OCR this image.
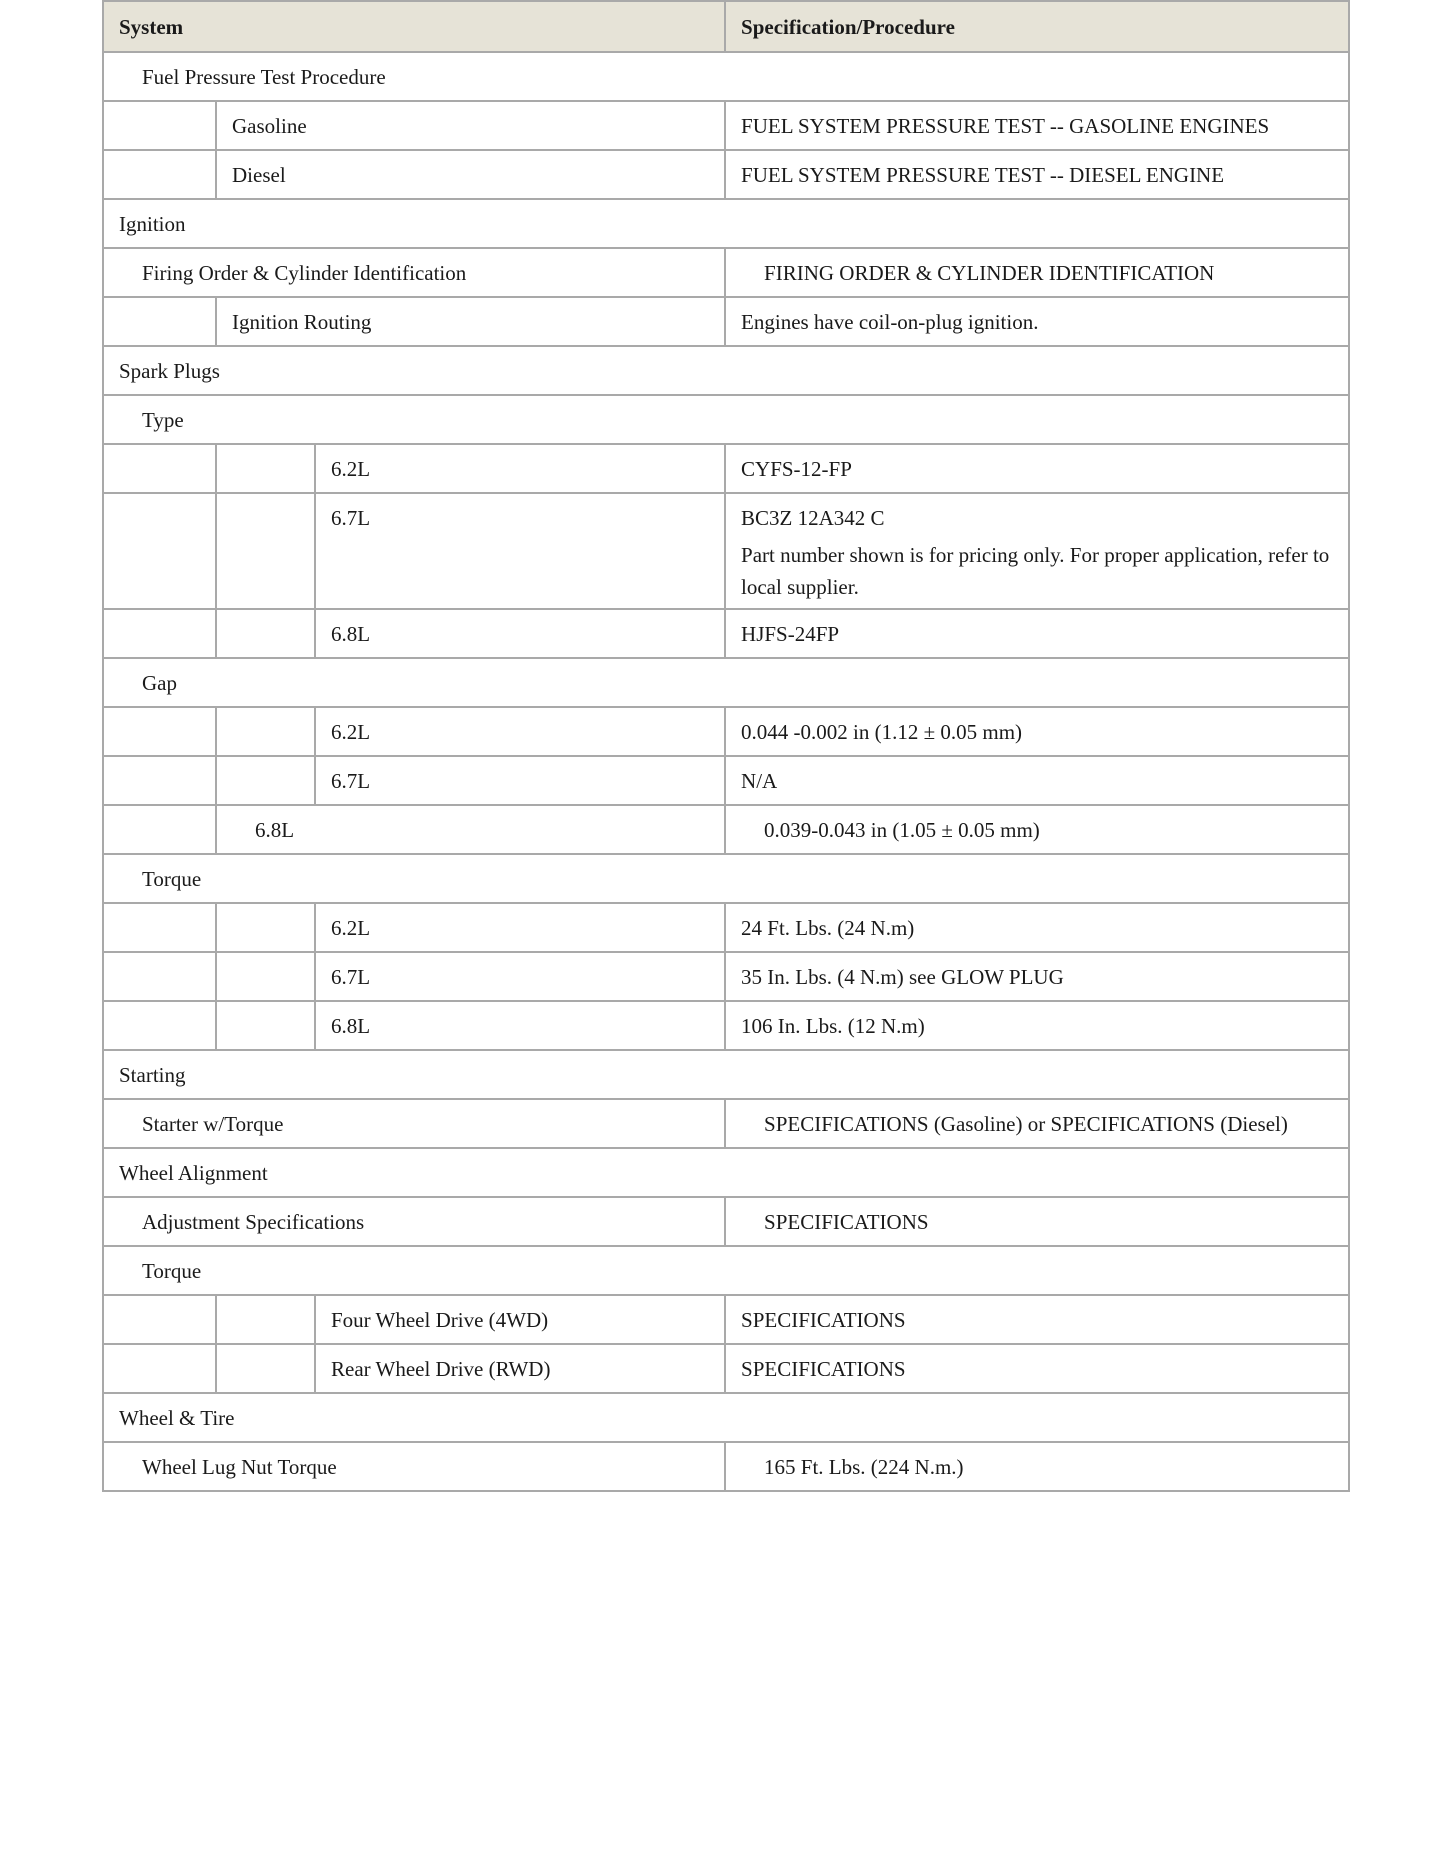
System			Specification/Procedure
Fuel Pressure Test Procedure			
	Gasoline		FUEL SYSTEM PRESSURE TEST -- GASOLINE ENGINES
	Diesel		FUEL SYSTEM PRESSURE TEST -- DIESEL ENGINE
Ignition			
Firing Order & Cylinder Identification			FIRING ORDER & CYLINDER IDENTIFICATION
	Ignition Routing		Engines have coil-on-plug ignition.
Spark Plugs			
Type			
		6.2L	CYFS-12-FP
		6.7L	BC3Z 12A342 C
Part number shown is for pricing only. For proper application, refer to local supplier.

		6.8L	HJFS-24FP
Gap			
		6.2L	0.044 -0.002 in (1.12 ± 0.05 mm)
		6.7L	N/A
	6.8L		0.039-0.043 in (1.05 ± 0.05 mm)
Torque			
		6.2L	24 Ft. Lbs. (24 N.m)
		6.7L	35 In. Lbs. (4 N.m) see GLOW PLUG
		6.8L	106 In. Lbs. (12 N.m)
Starting			
Starter w/Torque			SPECIFICATIONS (Gasoline) or SPECIFICATIONS (Diesel)
Wheel Alignment			
Adjustment Specifications			SPECIFICATIONS
Torque			
		Four Wheel Drive (4WD)	SPECIFICATIONS
		Rear Wheel Drive (RWD)	SPECIFICATIONS
Wheel & Tire			
Wheel Lug Nut Torque			165 Ft. Lbs. (224 N.m.)
